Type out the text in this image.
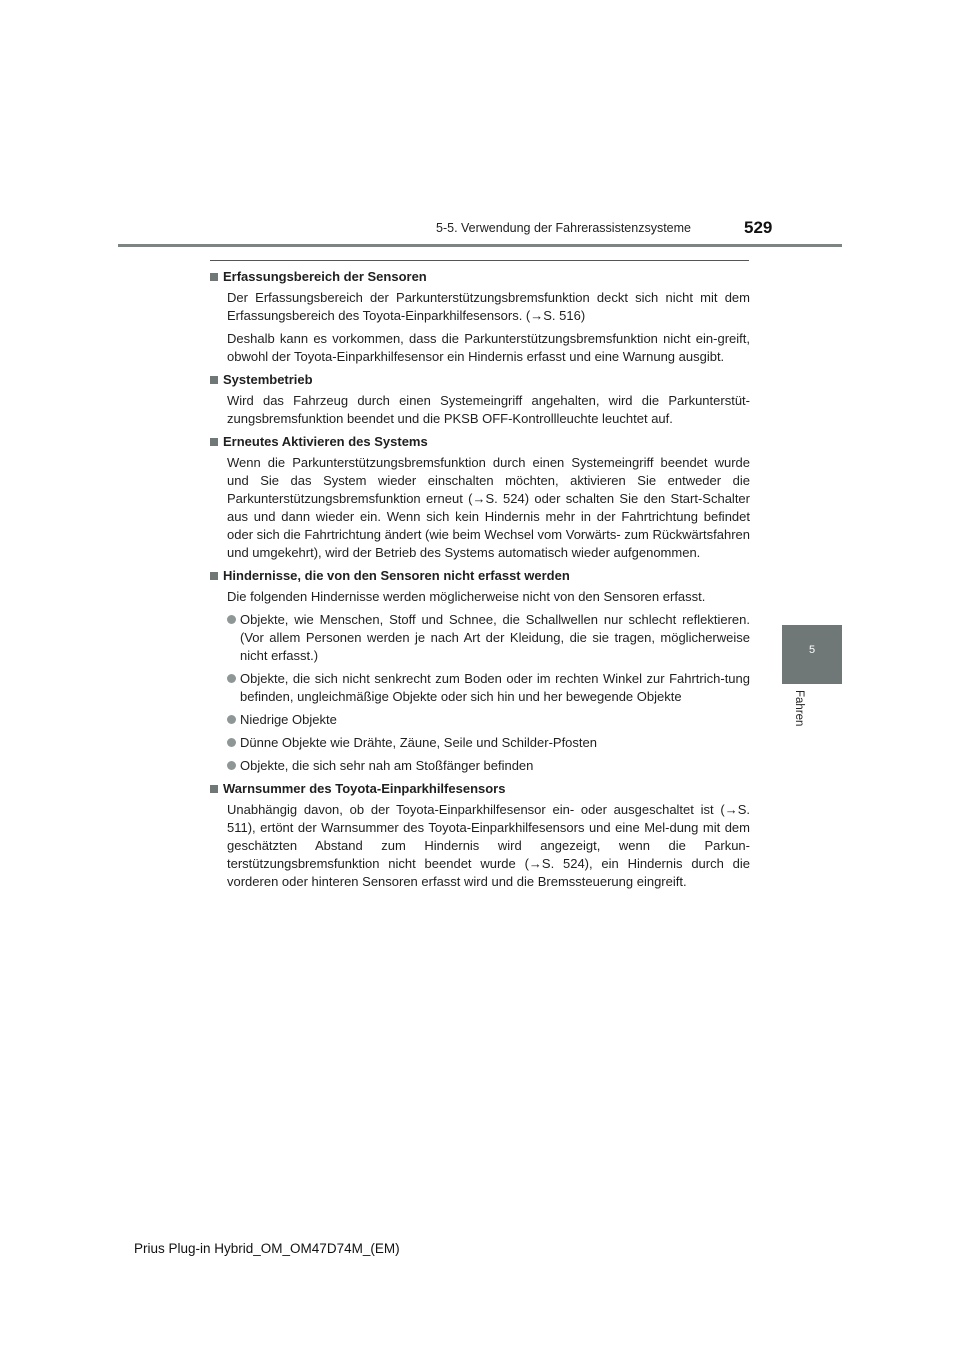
5-5. Verwendung der Fahrerassistenzsysteme	529
5
Fahren
Erfassungsbereich der Sensoren

Der Erfassungsbereich der Parkunterstützungsbremsfunktion deckt sich nicht mit dem Erfassungsbereich des Toyota-Einparkhilfesensors. (→S. 516)

Deshalb kann es vorkommen, dass die Parkunterstützungsbremsfunktion nicht ein-greift, obwohl der Toyota-Einparkhilfesensor ein Hindernis erfasst und eine Warnung ausgibt.

Systembetrieb

Wird das Fahrzeug durch einen Systemeingriff angehalten, wird die Parkunterstüt-zungsbremsfunktion beendet und die PKSB OFF-Kontrollleuchte leuchtet auf.

Erneutes Aktivieren des Systems

Wenn die Parkunterstützungsbremsfunktion durch einen Systemeingriff beendet wurde und Sie das System wieder einschalten möchten, aktivieren Sie entweder die Parkunterstützungsbremsfunktion erneut (→S. 524) oder schalten Sie den Start-Schalter aus und dann wieder ein. Wenn sich kein Hindernis mehr in der Fahrtrichtung befindet oder sich die Fahrtrichtung ändert (wie beim Wechsel vom Vorwärts- zum Rückwärtsfahren und umgekehrt), wird der Betrieb des Systems automatisch wieder aufgenommen.

Hindernisse, die von den Sensoren nicht erfasst werden

Die folgenden Hindernisse werden möglicherweise nicht von den Sensoren erfasst.

Objekte, wie Menschen, Stoff und Schnee, die Schallwellen nur schlecht reflektieren. (Vor allem Personen werden je nach Art der Kleidung, die sie tragen, möglicherweise nicht erfasst.)
Objekte, die sich nicht senkrecht zum Boden oder im rechten Winkel zur Fahrtrich-tung befinden, ungleichmäßige Objekte oder sich hin und her bewegende Objekte
Niedrige Objekte
Dünne Objekte wie Drähte, Zäune, Seile und Schilder-Pfosten
Objekte, die sich sehr nah am Stoßfänger befinden
Warnsummer des Toyota-Einparkhilfesensors

Unabhängig davon, ob der Toyota-Einparkhilfesensor ein- oder ausgeschaltet ist (→S. 511), ertönt der Warnsummer des Toyota-Einparkhilfesensors und eine Mel-dung mit dem geschätzten Abstand zum Hindernis wird angezeigt, wenn die Parkun-terstützungsbremsfunktion nicht beendet wurde (→S. 524), ein Hindernis durch die vorderen oder hinteren Sensoren erfasst wird und die Bremssteuerung eingreift.

Prius Plug-in Hybrid_OM_OM47D74M_(EM)
